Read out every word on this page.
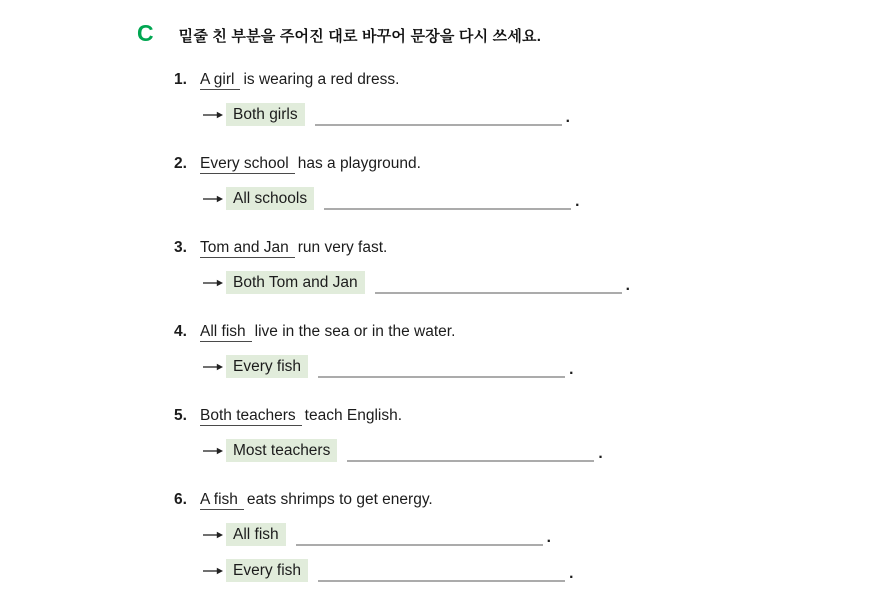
C 밑줄 친 부분을 주어진 대로 바꾸어 문장을 다시 쓰세요.
1. A girl is wearing a red dress.
Both girls	.
2. Every school has a playground.
All schools	.
3. Tom and Jan run very fast.
Both Tom and Jan	.
4. All fish live in the sea or in the water.
Every fish	.
5. Both teachers teach English.
Most teachers	.
6. A fish eats shrimps to get energy.
All fish	.
Every fish	.
